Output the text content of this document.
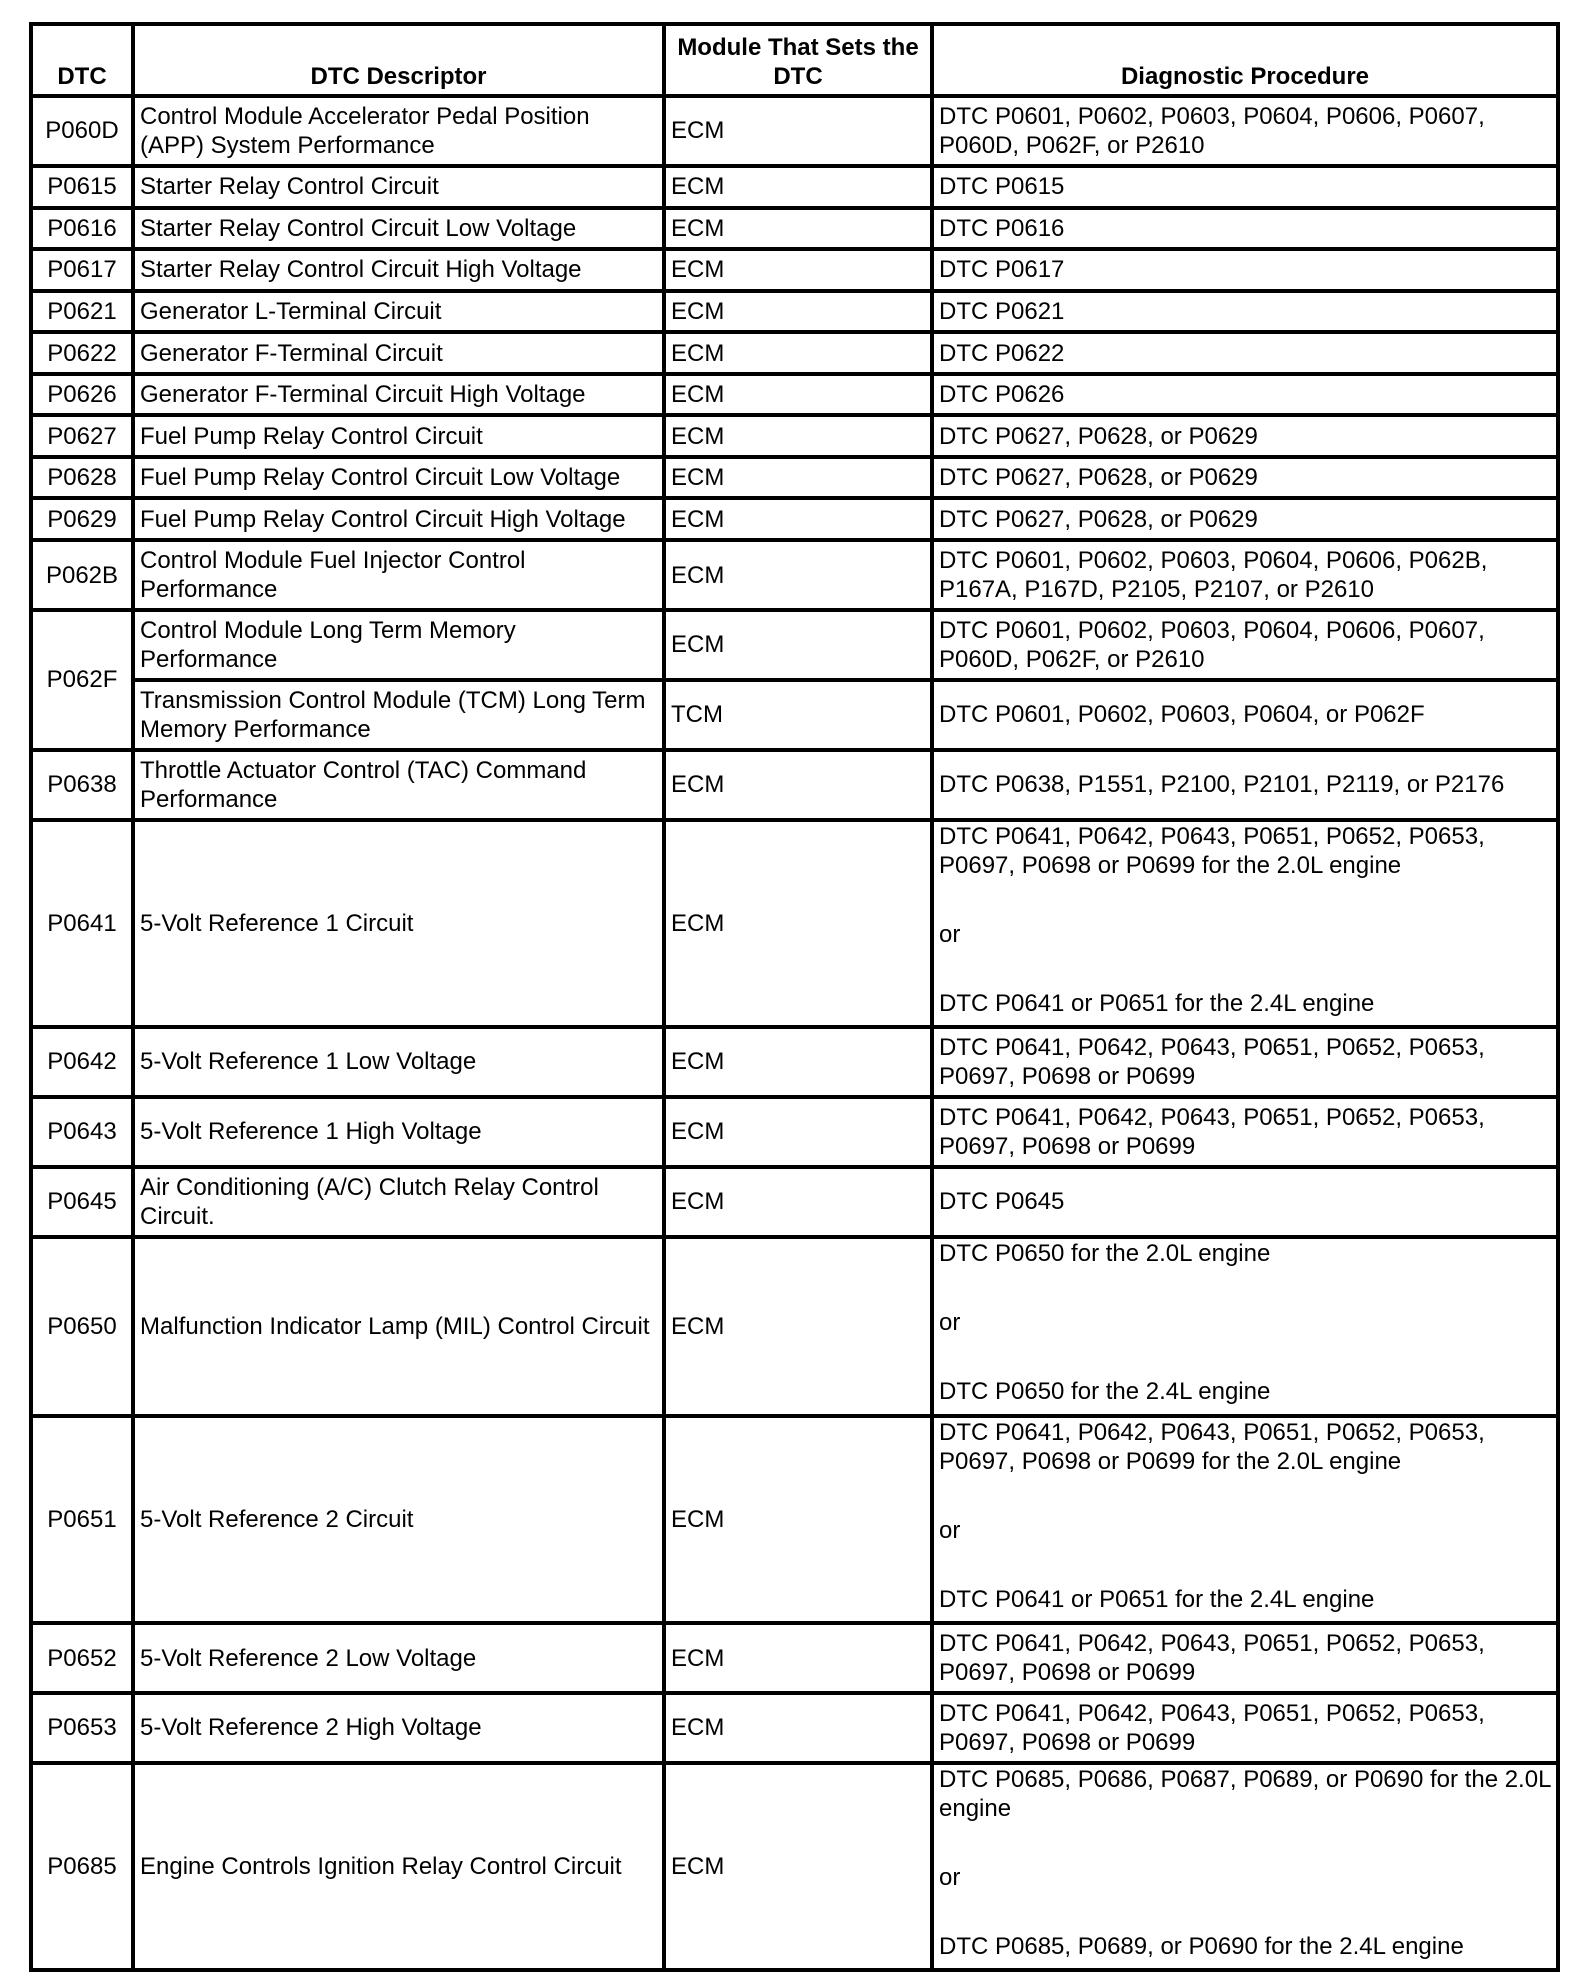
DTC	DTC Descriptor	Module That Sets the DTC	Diagnostic Procedure
P060D	Control Module Accelerator Pedal Position (APP) System Performance	ECM	DTC P0601, P0602, P0603, P0604, P0606, P0607, P060D, P062F, or P2610

P0615	Starter Relay Control Circuit	ECM	DTC P0615

P0616	Starter Relay Control Circuit Low Voltage	ECM	DTC P0616

P0617	Starter Relay Control Circuit High Voltage	ECM	DTC P0617

P0621	Generator L-Terminal Circuit	ECM	DTC P0621

P0622	Generator F-Terminal Circuit	ECM	DTC P0622

P0626	Generator F-Terminal Circuit High Voltage	ECM	DTC P0626

P0627	Fuel Pump Relay Control Circuit	ECM	DTC P0627, P0628, or P0629

P0628	Fuel Pump Relay Control Circuit Low Voltage	ECM	DTC P0627, P0628, or P0629

P0629	Fuel Pump Relay Control Circuit High Voltage	ECM	DTC P0627, P0628, or P0629

P062B	Control Module Fuel Injector Control Performance	ECM	DTC P0601, P0602, P0603, P0604, P0606, P062B, P167A, P167D, P2105, P2107, or P2610

P062F	Control Module Long Term Memory Performance	ECM	DTC P0601, P0602, P0603, P0604, P0606, P0607, P060D, P062F, or P2610

	Transmission Control Module (TCM) Long Term Memory Performance	TCM	DTC P0601, P0602, P0603, P0604, or P062F

P0638	Throttle Actuator Control (TAC) Command Performance	ECM	DTC P0638, P1551, P2100, P2101, P2119, or P2176

P0641	5-Volt Reference 1 Circuit	ECM	DTC P0641, P0642, P0643, P0651, P0652, P0653, P0697, P0698 or P0699 for the 2.0L engine
or
DTC P0641 or P0651 for the 2.4L engine

P0642	5-Volt Reference 1 Low Voltage	ECM	DTC P0641, P0642, P0643, P0651, P0652, P0653, P0697, P0698 or P0699

P0643	5-Volt Reference 1 High Voltage	ECM	DTC P0641, P0642, P0643, P0651, P0652, P0653, P0697, P0698 or P0699

P0645	Air Conditioning (A/C) Clutch Relay Control Circuit.	ECM	DTC P0645

P0650	Malfunction Indicator Lamp (MIL) Control Circuit	ECM	DTC P0650 for the 2.0L engine
or
DTC P0650 for the 2.4L engine

P0651	5-Volt Reference 2 Circuit	ECM	DTC P0641, P0642, P0643, P0651, P0652, P0653, P0697, P0698 or P0699 for the 2.0L engine
or
DTC P0641 or P0651 for the 2.4L engine

P0652	5-Volt Reference 2 Low Voltage	ECM	DTC P0641, P0642, P0643, P0651, P0652, P0653, P0697, P0698 or P0699

P0653	5-Volt Reference 2 High Voltage	ECM	DTC P0641, P0642, P0643, P0651, P0652, P0653, P0697, P0698 or P0699

P0685	Engine Controls Ignition Relay Control Circuit	ECM	DTC P0685, P0686, P0687, P0689, or P0690 for the 2.0L engine
or
DTC P0685, P0689, or P0690 for the 2.4L engine
